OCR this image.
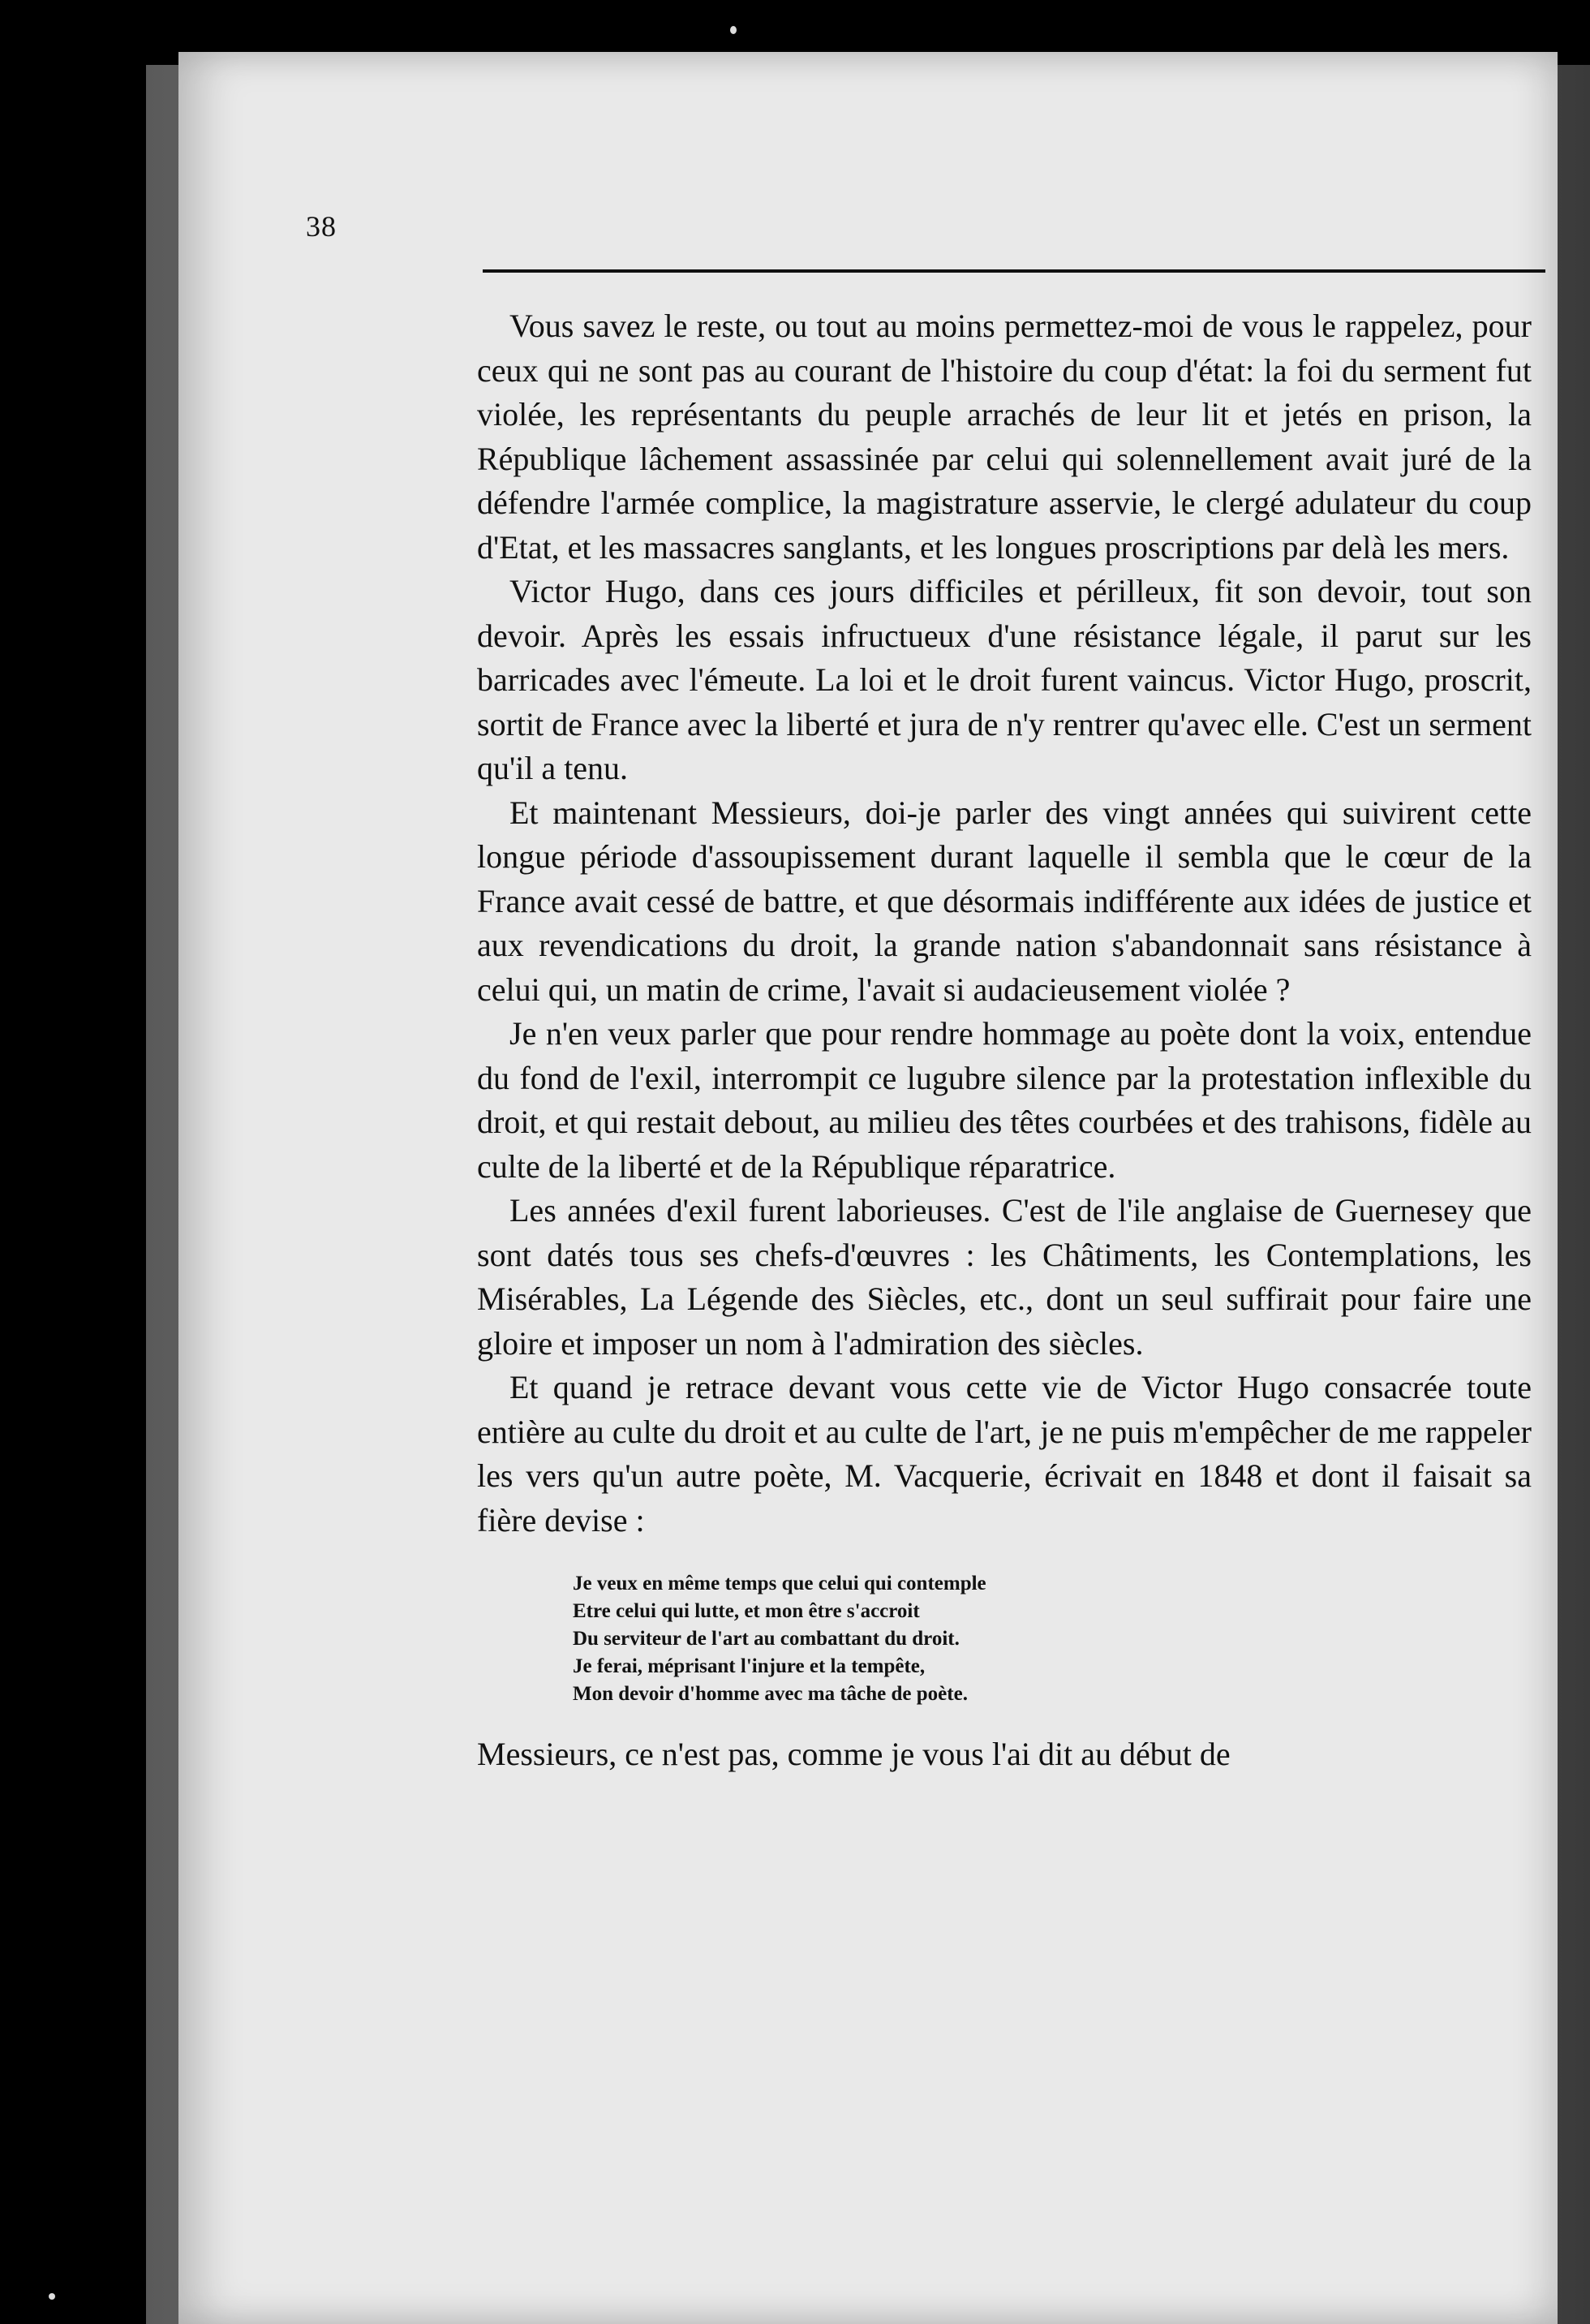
38

Vous savez le reste, ou tout au moins permettez-moi de vous le rappelez, pour ceux qui ne sont pas au courant de l'histoire du coup d'état: la foi du serment fut violée, les représentants du peuple arrachés de leur lit et jetés en prison, la République lâchement assassinée par celui qui solennellement avait juré de la défendre l'armée complice, la magistrature asservie, le clergé adulateur du coup d'Etat, et les massacres sanglants, et les longues proscriptions par delà les mers.

Victor Hugo, dans ces jours difficiles et périlleux, fit son devoir, tout son devoir. Après les essais infructueux d'une résistance légale, il parut sur les barricades avec l'émeute. La loi et le droit furent vaincus. Victor Hugo, proscrit, sortit de France avec la liberté et jura de n'y rentrer qu'avec elle. C'est un serment qu'il a tenu.

Et maintenant Messieurs, doi-je parler des vingt années qui suivirent cette longue période d'assoupissement durant laquelle il sembla que le cœur de la France avait cessé de battre, et que désormais indifférente aux idées de justice et aux revendications du droit, la grande nation s'abandonnait sans résistance à celui qui, un matin de crime, l'avait si audacieusement violée ?

Je n'en veux parler que pour rendre hommage au poète dont la voix, entendue du fond de l'exil, interrompit ce lugubre silence par la protestation inflexible du droit, et qui restait debout, au milieu des têtes courbées et des trahisons, fidèle au culte de la liberté et de la République réparatrice.

Les années d'exil furent laborieuses. C'est de l'ile anglaise de Guernesey que sont datés tous ses chefs-d'œuvres : les Châtiments, les Contemplations, les Misérables, La Légende des Siècles, etc., dont un seul suffirait pour faire une gloire et imposer un nom à l'admiration des siècles.

Et quand je retrace devant vous cette vie de Victor Hugo consacrée toute entière au culte du droit et au culte de l'art, je ne puis m'empêcher de me rappeler les vers qu'un autre poète, M. Vacquerie, écrivait en 1848 et dont il faisait sa fière devise :

Je veux en même temps que celui qui contemple
Etre celui qui lutte, et mon être s'accroit
Du serviteur de l'art au combattant du droit.
Je ferai, méprisant l'injure et la tempête,
Mon devoir d'homme avec ma tâche de poète.

Messieurs, ce n'est pas, comme je vous l'ai dit au début de
